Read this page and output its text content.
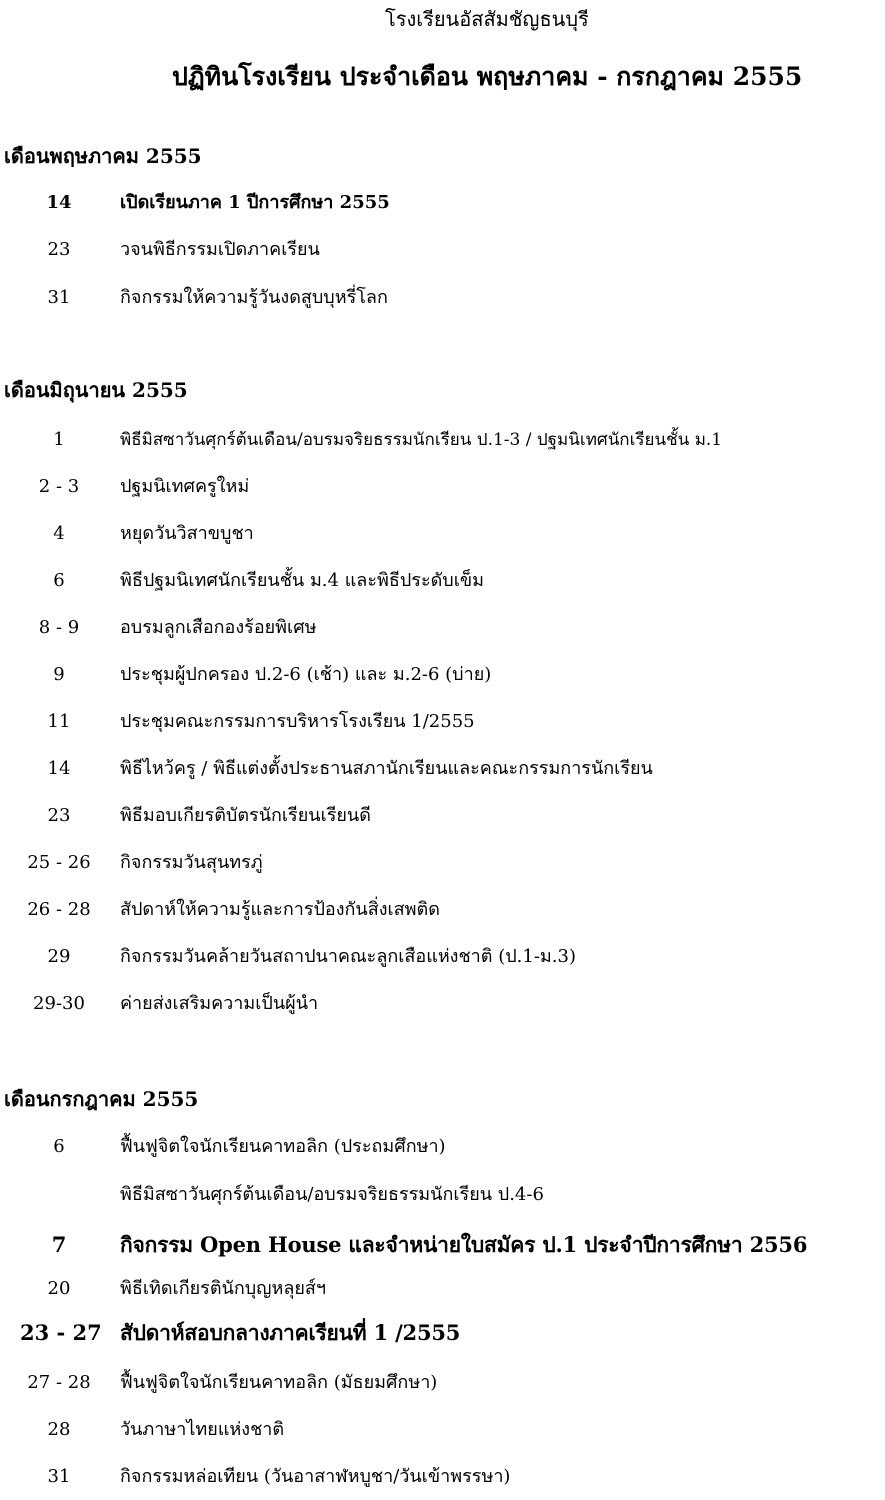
โรงเรียนอัสสัมชัญธนบุรี
ปฏิทินโรงเรียน ประจำเดือน พฤษภาคม - กรกฎาคม 2555
เดือนพฤษภาคม 2555
14	เปิดเรียนภาค 1 ปีการศึกษา 2555
23	วจนพิธีกรรมเปิดภาคเรียน
31	กิจกรรมให้ความรู้วันงดสูบบุหรี่โลก
เดือนมิถุนายน 2555
1	พิธีมิสซาวันศุกร์ต้นเดือน/อบรมจริยธรรมนักเรียน ป.1-3 / ปฐมนิเทศนักเรียนชั้น ม.1
2 - 3	ปฐมนิเทศครูใหม่
4	หยุดวันวิสาขบูชา
6	พิธีปฐมนิเทศนักเรียนชั้น ม.4 และพิธีประดับเข็ม
8 - 9	อบรมลูกเสือกองร้อยพิเศษ
9	ประชุมผู้ปกครอง ป.2-6 (เช้า) และ ม.2-6 (บ่าย)
11	ประชุมคณะกรรมการบริหารโรงเรียน 1/2555
14	พิธีไหว้ครู / พิธีแต่งตั้งประธานสภานักเรียนและคณะกรรมการนักเรียน
23	พิธีมอบเกียรติบัตรนักเรียนเรียนดี
25 - 26	กิจกรรมวันสุนทรภู่
26 - 28	สัปดาห์ให้ความรู้และการป้องกันสิ่งเสพติด
29	กิจกรรมวันคล้ายวันสถาปนาคณะลูกเสือแห่งชาติ (ป.1-ม.3)
29-30	ค่ายส่งเสริมความเป็นผู้นำ
เดือนกรกฎาคม 2555
6	ฟื้นฟูจิตใจนักเรียนคาทอลิก (ประถมศึกษา)
พิธีมิสซาวันศุกร์ต้นเดือน/อบรมจริยธรรมนักเรียน ป.4-6
7	กิจกรรม Open House และจำหน่ายใบสมัคร ป.1 ประจำปีการศึกษา 2556
20	พิธีเทิดเกียรตินักบุญหลุยส์ฯ
23 - 27 สัปดาห์สอบกลางภาคเรียนที่ 1 /2555
27 - 28	ฟื้นฟูจิตใจนักเรียนคาทอลิก (มัธยมศึกษา)
28	วันภาษาไทยแห่งชาติ
31	กิจกรรมหล่อเทียน (วันอาสาฬหบูชา/วันเข้าพรรษา)
